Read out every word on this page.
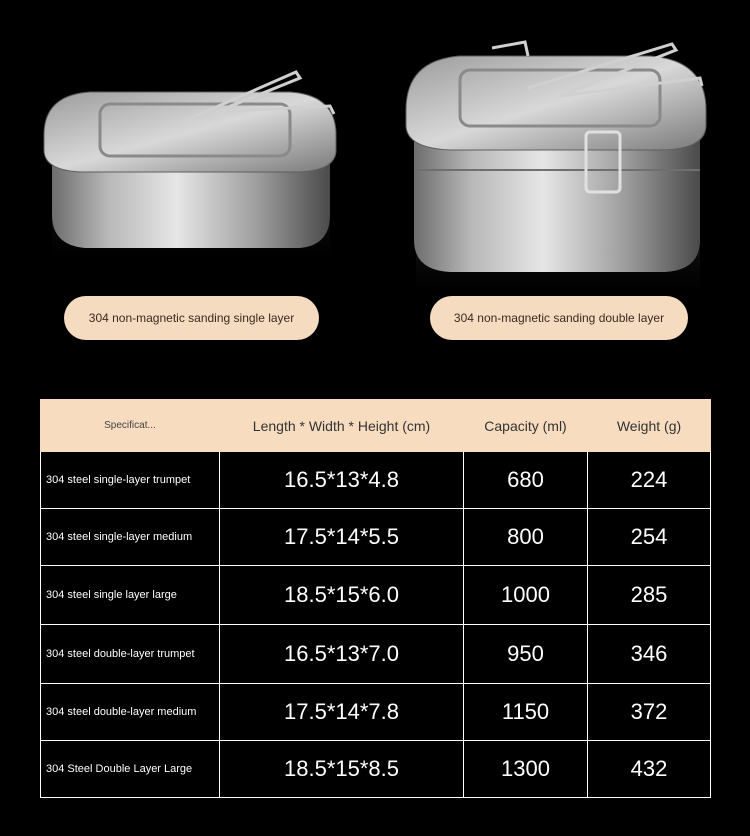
304 non-magnetic sanding single layer	304 non-magnetic sanding double layer
Specificat...	Length * Width * Height (cm)	Capacity (ml)	Weight (g)
304 steel single-layer trumpet	16.5*13*4.8	680	224
304 steel single-layer medium	17.5*14*5.5	800	254
304 steel single layer large	18.5*15*6.0	1000	285
304 steel double-layer trumpet	16.5*13*7.0	950	346
304 steel double-layer medium	17.5*14*7.8	1150	372
304 Steel Double Layer Large	18.5*15*8.5	1300	432
